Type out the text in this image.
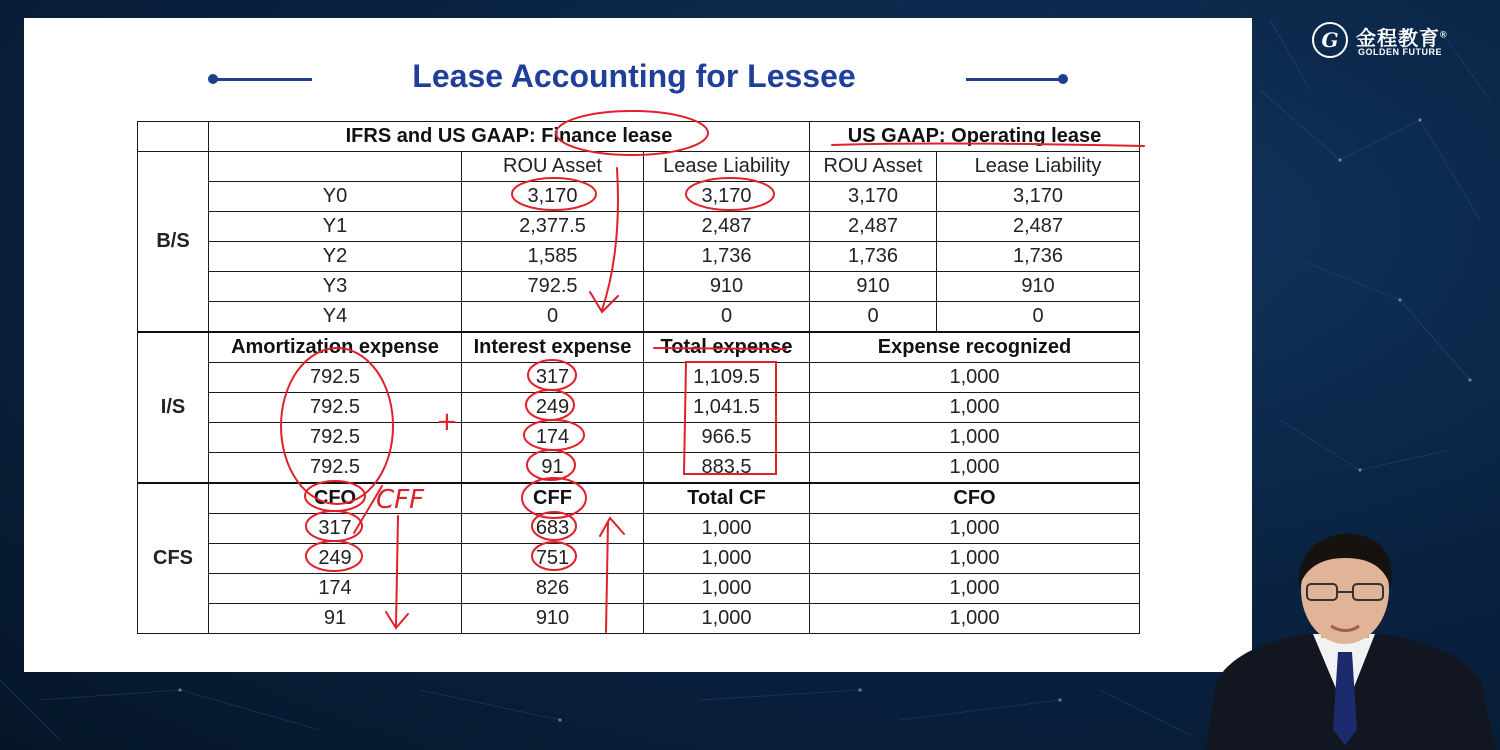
G 金程教育®
GOLDEN FUTURE
Lease Accounting for Lessee
	IFRS and US GAAP: Finance lease			US GAAP: Operating lease	
B/S		ROU Asset	Lease Liability	ROU Asset	Lease Liability
	Y0	3,170	3,170	3,170	3,170
	Y1	2,377.5	2,487	2,487	2,487
	Y2	1,585	1,736	1,736	1,736
	Y3	792.5	910	910	910
	Y4	0	0	0	0
I/S	Amortization expense	Interest expense	Total expense	Expense recognized	
	792.5	317	1,109.5	1,000	
	792.5	249	1,041.5	1,000	
	792.5	174	966.5	1,000	
	792.5	91	883.5	1,000	
CFS	CFO	CFF	Total CF	CFO	
	317	683	1,000	1,000	
	249	751	1,000	1,000	
	174	826	1,000	1,000	
	91	910	1,000	1,000	
CFF
+
